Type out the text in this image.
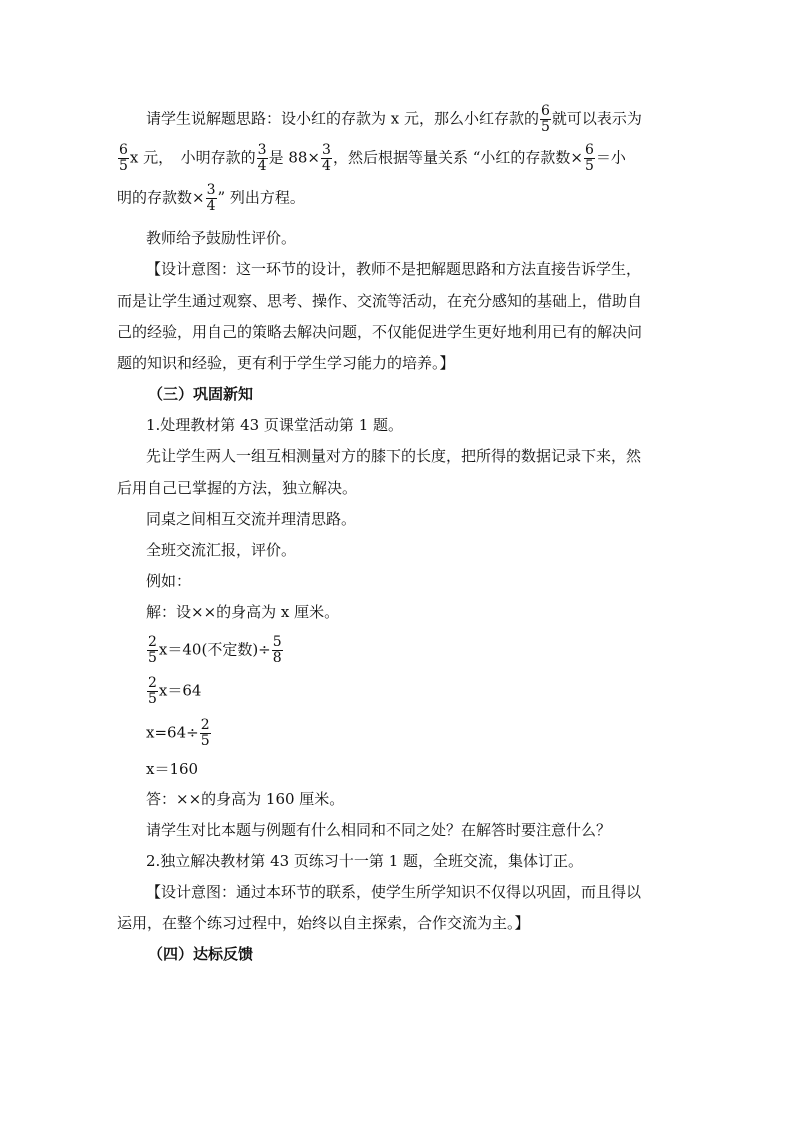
请学生说解题思路：设小红的存款为 x 元，那么小红存款的 $\frac{6}{5}$ 就可以表示为
$\frac{6}{5}$ x 元，　小明存款的 $\frac{3}{4}$ 是 $88\times \frac{3}{4}$ ，然后根据等量关系 “小红的存款数× $\frac{6}{5}$ ＝小
明的存款数× $\frac{3}{4}$ ” 列出方程。
教师给予鼓励性评价。
【设计意图：这一环节的设计，教师不是把解题思路和方法直接告诉学生，
而是让学生通过观察、思考、操作、交流等活动，在充分感知的基础上，借助自
己的经验，用自己的策略去解决问题，不仅能促进学生更好地利用已有的解决问
题的知识和经验，更有利于学生学习能力的培养。】
（三）巩固新知
1.处理教材第 43 页课堂活动第 1 题。
先让学生两人一组互相测量对方的膝下的长度，把所得的数据记录下来，然
后用自己已掌握的方法，独立解决。
同桌之间相互交流并理清思路。
全班交流汇报，评价。
例如：
解：设××的身高为 x 厘米。
$\frac{2}{5} x=40$(不定数)÷ $\frac{5}{8}$
$\frac{2}{5} x=64$
$x=64\div \frac{2}{5}$
x＝160
答：××的身高为 160 厘米。
请学生对比本题与例题有什么相同和不同之处？在解答时要注意什么？
2.独立解决教材第 43 页练习十一第 1 题，全班交流，集体订正。
【设计意图：通过本环节的联系，使学生所学知识不仅得以巩固，而且得以
运用，在整个练习过程中，始终以自主探索，合作交流为主。】
（四）达标反馈
